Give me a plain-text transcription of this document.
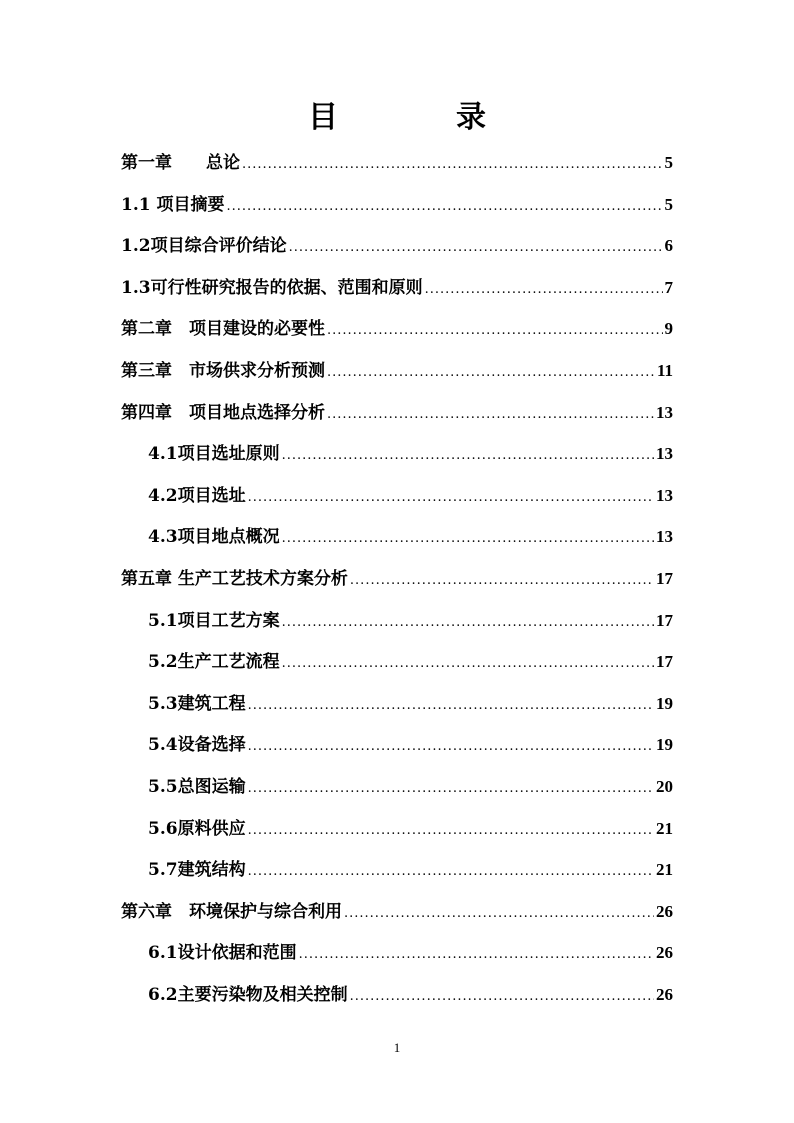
目	录
第一章　　总论 .....	5
1.1 项目摘要 .....	5
1.2项目综合评价结论 .....	6
1.3可行性研究报告的依据、范围和原则 .....	7
第二章　项目建设的必要性 .....	9
第三章　市场供求分析预测 .....	11
第四章　项目地点选择分析 .....	13
4.1项目选址原则 .....	13
4.2项目选址 .....	13
4.3项目地点概况 .....	13
第五章 生产工艺技术方案分析 .....	17
5.1项目工艺方案 .....	17
5.2生产工艺流程 .....	17
5.3建筑工程 .....	19
5.4设备选择 .....	19
5.5总图运输 .....	20
5.6原料供应 .....	21
5.7建筑结构 .....	21
第六章　环境保护与综合利用 .....	26
6.1设计依据和范围 .....	26
6.2主要污染物及相关控制 .....	26
1
